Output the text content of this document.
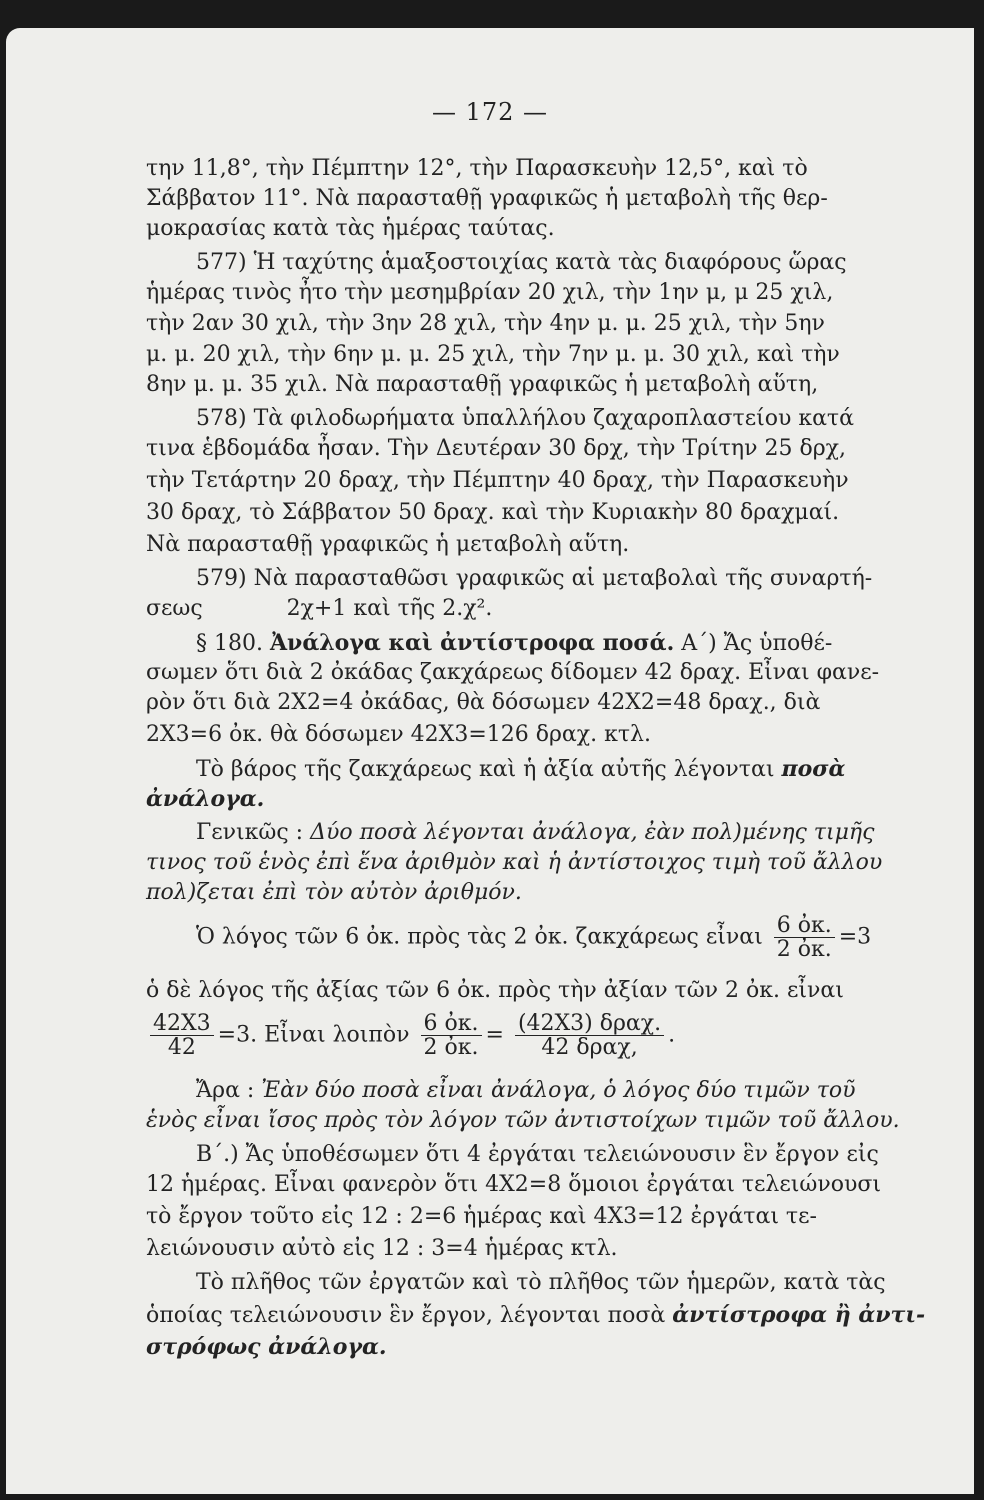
— 172 —
την 11,8°, τὴν Πέμπτην 12°, τὴν Παρασκευὴν 12,5°, καὶ τὸ
Σάββατον 11°. Νὰ παρασταθῇ γραφικῶς ἡ μεταβολὴ τῆς θερ-
μοκρασίας κατὰ τὰς ἡμέρας ταύτας.
577) Ἡ ταχύτης ἁμαξοστοιχίας κατὰ τὰς διαφόρους ὥρας
ἡμέρας τινὸς ἦτο τὴν μεσημβρίαν 20 χιλ, τὴν 1ην μ, μ 25 χιλ,
τὴν 2αν 30 χιλ, τὴν 3ην 28 χιλ, τὴν 4ην μ. μ. 25 χιλ, τὴν 5ην
μ. μ. 20 χιλ, τὴν 6ην μ. μ. 25 χιλ, τὴν 7ην μ. μ. 30 χιλ, καὶ τὴν
8ην μ. μ. 35 χιλ. Νὰ παρασταθῇ γραφικῶς ἡ μεταβολὴ αὕτη,
578) Τὰ φιλοδωρήματα ὑπαλλήλου ζαχαροπλαστείου κατά
τινα ἑβδομάδα ἦσαν. Τὴν Δευτέραν 30 δρχ, τὴν Τρίτην 25 δρχ,
τὴν Τετάρτην 20 δραχ, τὴν Πέμπτην 40 δραχ, τὴν Παρασκευὴν
30 δραχ, τὸ Σάββατον 50 δραχ. καὶ τὴν Κυριακὴν 80 δραχμαί.
Νὰ παρασταθῇ γραφικῶς ἡ μεταβολὴ αὕτη.
579) Νὰ παρασταθῶσι γραφικῶς αἱ μεταβολαὶ τῆς συναρτή-
σεως            2χ+1 καὶ τῆς 2.χ².
§ 180. Ἀνάλογα καὶ ἀντίστροφα ποσά. Α΄) Ἄς ὑποθέ-
σωμεν ὅτι διὰ 2 ὀκάδας ζακχάρεως δίδομεν 42 δραχ. Εἶναι φανε-
ρὸν ὅτι διὰ 2Χ2=4 ὀκάδας, θὰ δόσωμεν 42Χ2=48 δραχ., διὰ
2Χ3=6 ὀκ. θὰ δόσωμεν 42Χ3=126 δραχ. κτλ.
Τὸ βάρος τῆς ζακχάρεως καὶ ἡ ἀξία αὐτῆς λέγονται ποσὰ
ἀνάλογα.
Γενικῶς : Δύο ποσὰ λέγονται ἀνάλογα, ἐὰν πολ)μένης τιμῆς
τινος τοῦ ἑνὸς ἐπὶ ἕνα ἀριθμὸν καὶ ἡ ἀντίστοιχος τιμὴ τοῦ ἄλλου
πολ)ζεται ἐπὶ τὸν αὐτὸν ἀριθμόν.
Ὁ λόγος τῶν 6 ὀκ. πρὸς τὰς 2 ὀκ. ζακχάρεως εἶναι $\frac{\text{6 ὀκ.}}{\text{2 ὀκ.}} =3$
ὁ δὲ λόγος τῆς ἀξίας τῶν 6 ὀκ. πρὸς τὴν ἀξίαν τῶν 2 ὀκ. εἶναι
$\frac{42X3}{42} =3$. Εἶναι λοιπὸν $\frac{\text{6 ὀκ.}}{\text{2 ὀκ.}} = \frac{\text{(42Χ3) δραχ.}}{\text{42 δραχ,}}$ .
Ἄρα : Ἐὰν δύο ποσὰ εἶναι ἀνάλογα, ὁ λόγος δύο τιμῶν τοῦ
ἑνὸς εἶναι ἴσος πρὸς τὸν λόγον τῶν ἀντιστοίχων τιμῶν τοῦ ἄλλου.
Β΄.) Ἄς ὑποθέσωμεν ὅτι 4 ἐργάται τελειώνουσιν ἓν ἔργον εἰς
12 ἡμέρας. Εἶναι φανερὸν ὅτι 4Χ2=8 ὅμοιοι ἐργάται τελειώνουσι
τὸ ἔργον τοῦτο εἰς 12 : 2=6 ἡμέρας καὶ 4Χ3=12 ἐργάται τε-
λειώνουσιν αὐτὸ εἰς 12 : 3=4 ἡμέρας κτλ.
Τὸ πλῆθος τῶν ἐργατῶν καὶ τὸ πλῆθος τῶν ἡμερῶν, κατὰ τὰς
ὁποίας τελειώνουσιν ἓν ἔργον, λέγονται ποσὰ ἀντίστροφα ἢ ἀντι-
στρόφως ἀνάλογα.
